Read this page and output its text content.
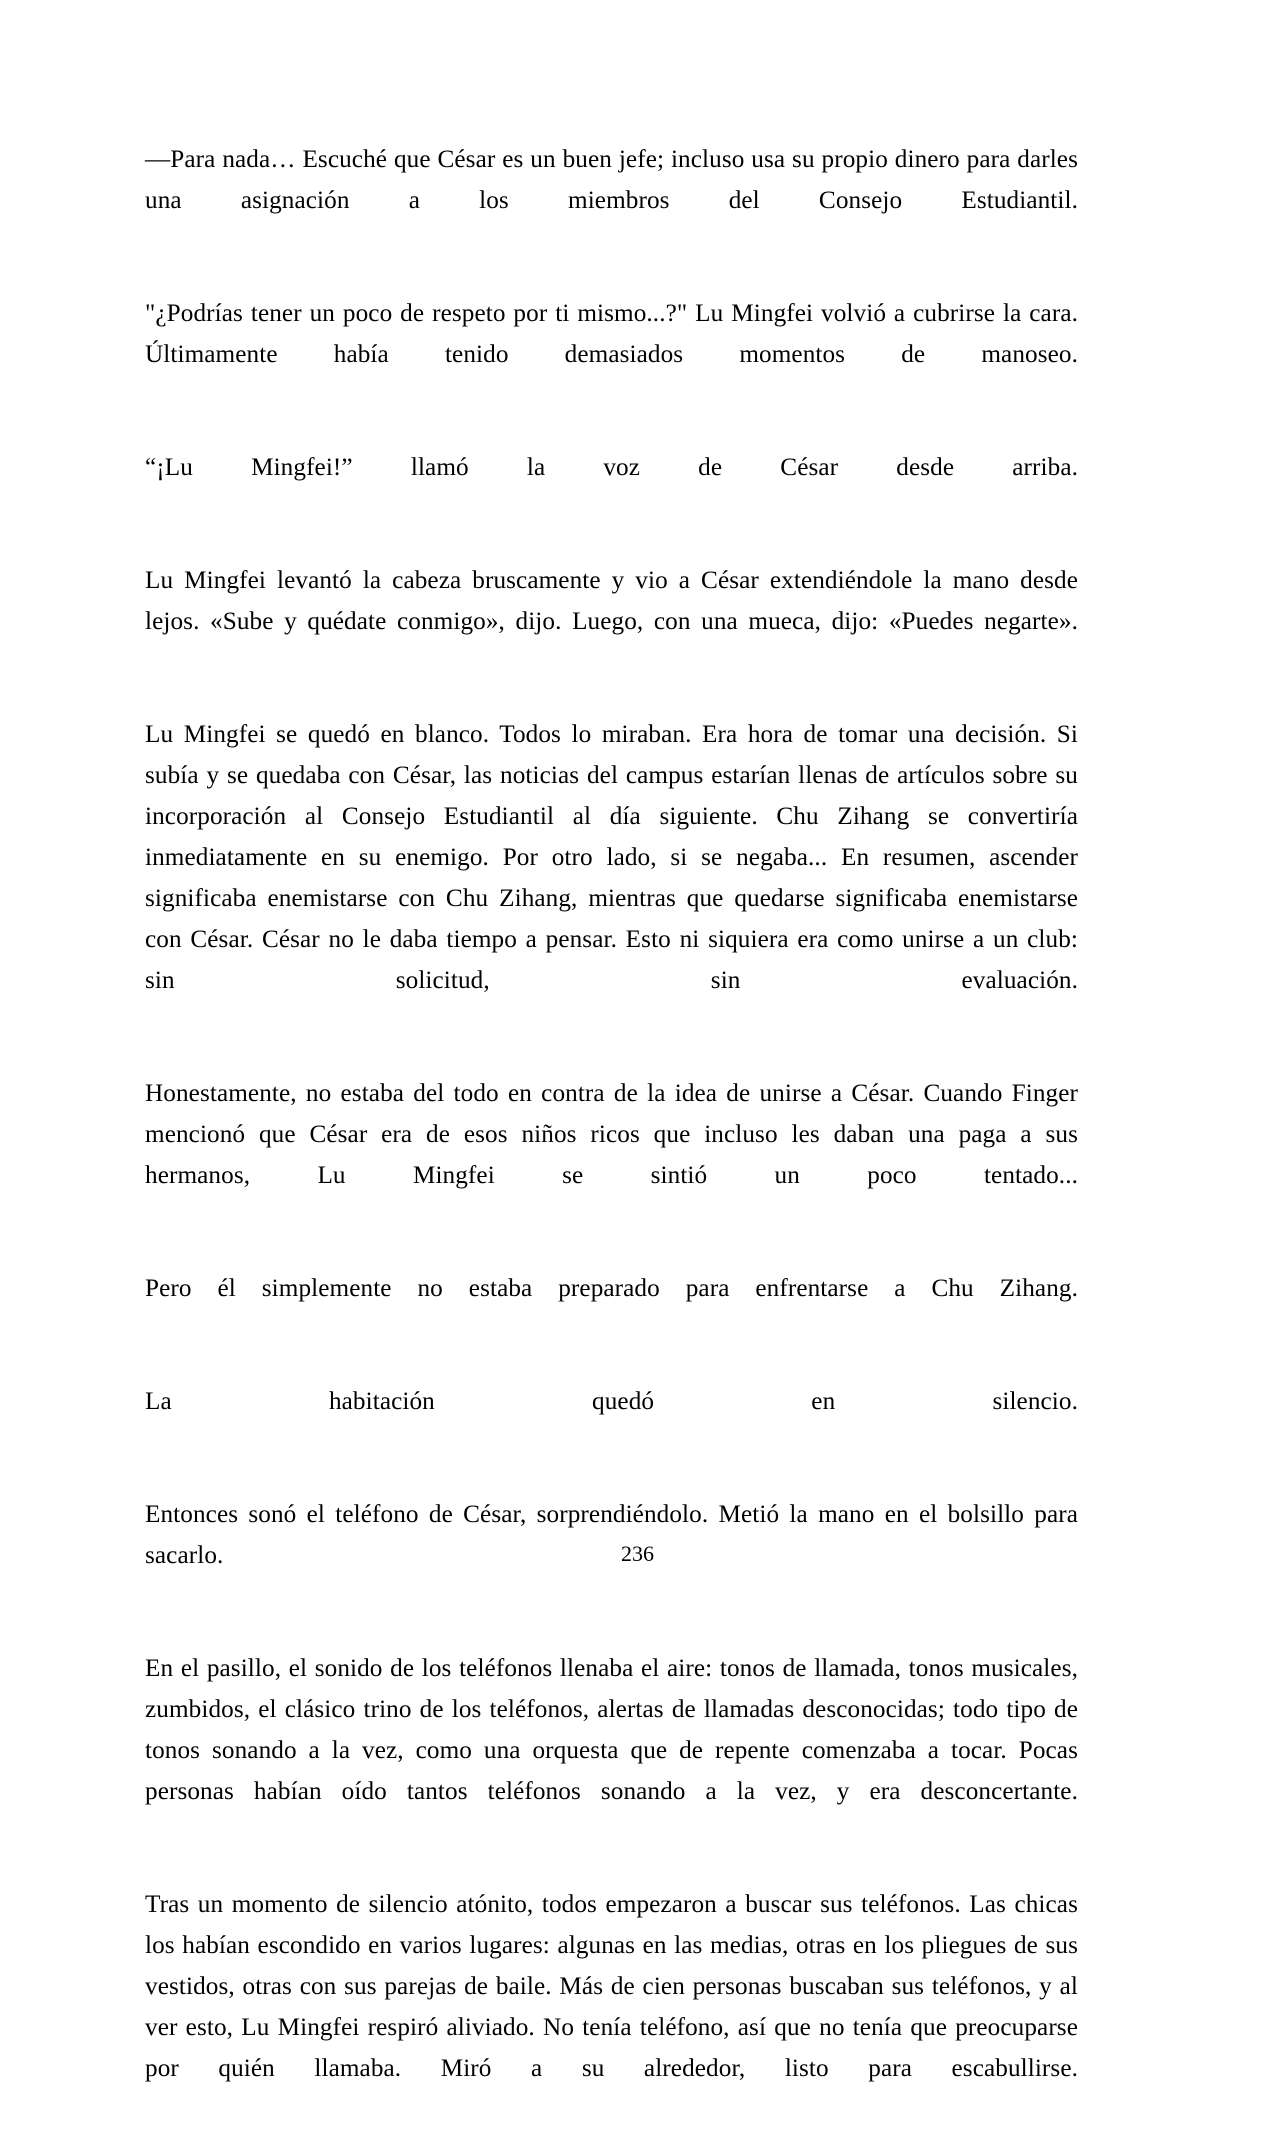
—Para nada… Escuché que César es un buen jefe; incluso usa su propio dinero para darles una asignación a los miembros del Consejo Estudiantil.

"¿Podrías tener un poco de respeto por ti mismo...?" Lu Mingfei volvió a cubrirse la cara. Últimamente había tenido demasiados momentos de manoseo.

“¡Lu Mingfei!” llamó la voz de César desde arriba.

Lu Mingfei levantó la cabeza bruscamente y vio a César extendiéndole la mano desde lejos. «Sube y quédate conmigo», dijo. Luego, con una mueca, dijo: «Puedes negarte».

Lu Mingfei se quedó en blanco. Todos lo miraban. Era hora de tomar una decisión. Si subía y se quedaba con César, las noticias del campus estarían llenas de artículos sobre su incorporación al Consejo Estudiantil al día siguiente. Chu Zihang se convertiría inmediatamente en su enemigo. Por otro lado, si se negaba... En resumen, ascender significaba enemistarse con Chu Zihang, mientras que quedarse significaba enemistarse con César. César no le daba tiempo a pensar. Esto ni siquiera era como unirse a un club: sin solicitud, sin evaluación.

Honestamente, no estaba del todo en contra de la idea de unirse a César. Cuando Finger mencionó que César era de esos niños ricos que incluso les daban una paga a sus hermanos, Lu Mingfei se sintió un poco tentado...

Pero él simplemente no estaba preparado para enfrentarse a Chu Zihang.

La habitación quedó en silencio.

Entonces sonó el teléfono de César, sorprendiéndolo. Metió la mano en el bolsillo para sacarlo.

En el pasillo, el sonido de los teléfonos llenaba el aire: tonos de llamada, tonos musicales, zumbidos, el clásico trino de los teléfonos, alertas de llamadas desconocidas; todo tipo de tonos sonando a la vez, como una orquesta que de repente comenzaba a tocar. Pocas personas habían oído tantos teléfonos sonando a la vez, y era desconcertante.

Tras un momento de silencio atónito, todos empezaron a buscar sus teléfonos. Las chicas los habían escondido en varios lugares: algunas en las medias, otras en los pliegues de sus vestidos, otras con sus parejas de baile. Más de cien personas buscaban sus teléfonos, y al ver esto, Lu Mingfei respiró aliviado. No tenía teléfono, así que no tenía que preocuparse por quién llamaba. Miró a su alrededor, listo para escabullirse.

236
